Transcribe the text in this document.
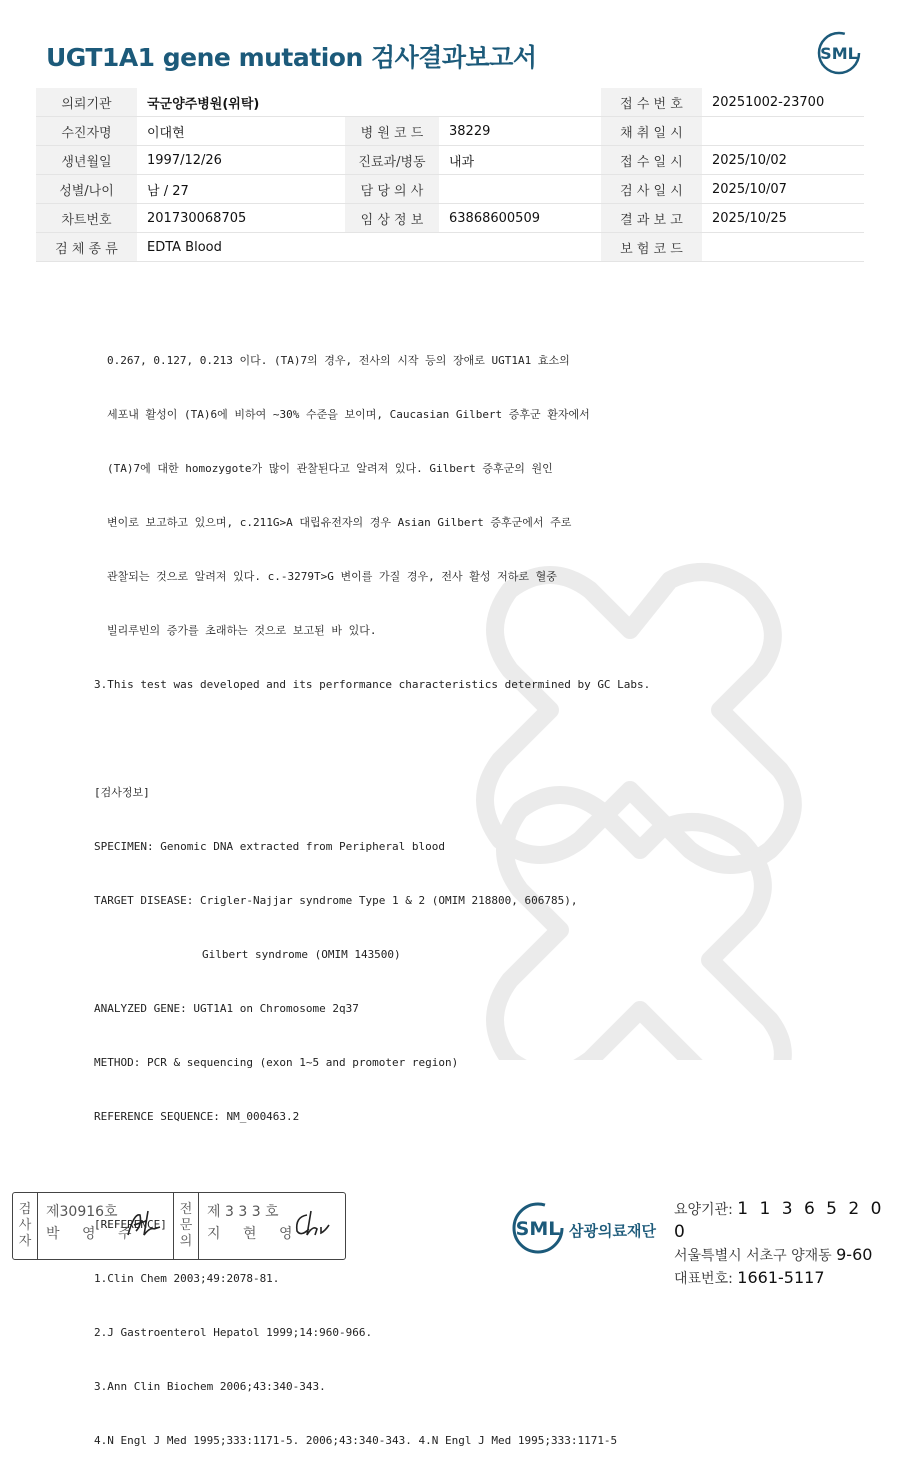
UGT1A1 gene mutation 검사결과보고서	SML
의뢰기관	국군양주병원(위탁)			접 수 번 호	20251002-23700
수진자명	이대현	병 원 코 드	38229	채 취 일 시	
생년월일	1997/12/26	진료과/병동	내과	접 수 일 시	2025/10/02
성별/나이	남 / 27	담 당 의 사		검 사 일 시	2025/10/07
차트번호	201730068705	임 상 정 보	63868600509	결 과 보 고	2025/10/25
검 체 종 류	EDTA Blood			보 험 코 드	

0.267, 0.127, 0.213 이다. (TA)7의 경우, 전사의 시작 등의 장애로 UGT1A1 효소의

세포내 활성이 (TA)6에 비하여 ~30% 수준을 보이며, Caucasian Gilbert 증후군 환자에서

(TA)7에 대한 homozygote가 많이 관찰된다고 알려져 있다. Gilbert 증후군의 원인

변이로 보고하고 있으며, c.211G>A 대립유전자의 경우 Asian Gilbert 증후군에서 주로

관찰되는 것으로 알려져 있다. c.-3279T>G 변이를 가질 경우, 전사 활성 저하로 혈중

빌리루빈의 증가를 초래하는 것으로 보고된 바 있다.

3.This test was developed and its performance characteristics determined by GC Labs.

[검사정보]

SPECIMEN: Genomic DNA extracted from Peripheral blood

TARGET DISEASE: Crigler-Najjar syndrome Type 1 & 2 (OMIM 218800, 606785),

Gilbert syndrome (OMIM 143500)

ANALYZED GENE: UGT1A1 on Chromosome 2q37

METHOD: PCR & sequencing (exon 1~5 and promoter region)

REFERENCE SEQUENCE: NM_000463.2

[REFERENCE]

1.Clin Chem 2003;49:2078-81.

2.J Gastroenterol Hepatol 1999;14:960-966.

3.Ann Clin Biochem 2006;43:340-343.

4.N Engl J Med 1995;333:1171-5. 2006;43:340-343. 4.N Engl J Med 1995;333:1171-5

검
사
자
제30916호
박 영 주
전
문
의
제 3 3 3 호
지 현 영	SML 삼광의료재단
요양기관: 1 1 3 6 5 2 0 0
서울특별시 서초구 양재동 9-60
대표번호: 1661-5117
